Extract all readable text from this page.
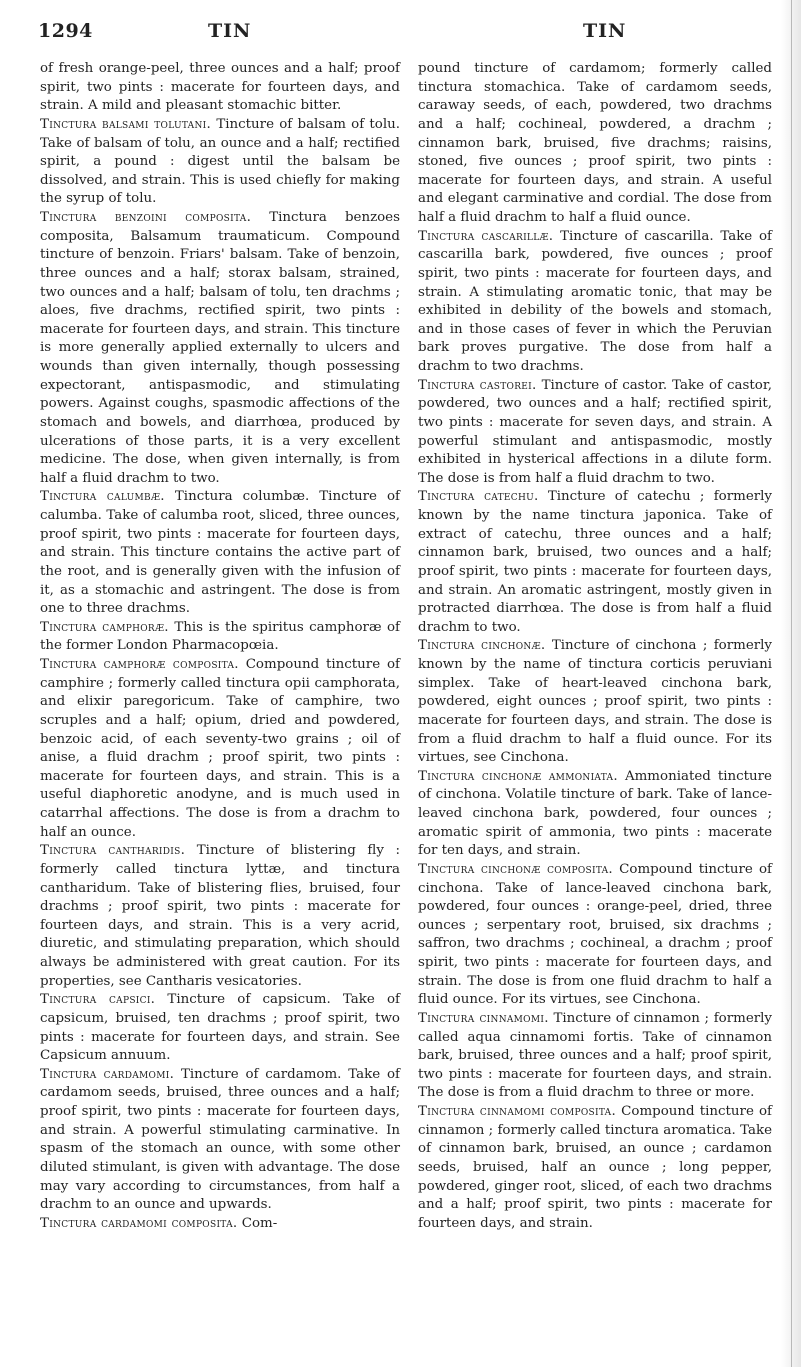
1294	TIN	TIN

of fresh orange-peel, three ounces and a half; proof spirit, two pints : macerate for fourteen days, and strain. A mild and pleasant stomachic bitter.

Tinctura balsami tolutani. Tincture of balsam of tolu. Take of balsam of tolu, an ounce and a half; rectified spirit, a pound : digest until the balsam be dissolved, and strain. This is used chiefly for making the syrup of tolu.

Tinctura benzoini composita. Tinctura benzoes composita, Balsamum traumaticum. Compound tincture of benzoin. Friars' balsam. Take of benzoin, three ounces and a half; storax balsam, strained, two ounces and a half; balsam of tolu, ten drachms ; aloes, five drachms, rectified spirit, two pints : macerate for fourteen days, and strain. This tincture is more generally applied externally to ulcers and wounds than given internally, though possessing expectorant, antispasmodic, and stimulating powers. Against coughs, spasmodic affections of the stomach and bowels, and diarrhœa, produced by ulcerations of those parts, it is a very excellent medicine. The dose, when given internally, is from half a fluid drachm to two.

Tinctura calumbæ. Tinctura columbæ. Tincture of calumba. Take of calumba root, sliced, three ounces, proof spirit, two pints : macerate for fourteen days, and strain. This tincture contains the active part of the root, and is generally given with the infusion of it, as a stomachic and astringent. The dose is from one to three drachms.

Tinctura camphoræ. This is the spiritus camphoræ of the former London Pharmacopœia.

Tinctura camphoræ composita. Compound tincture of camphire ; formerly called tinctura opii camphorata, and elixir paregoricum. Take of camphire, two scruples and a half; opium, dried and powdered, benzoic acid, of each seventy-two grains ; oil of anise, a fluid drachm ; proof spirit, two pints : macerate for fourteen days, and strain. This is a useful diaphoretic anodyne, and is much used in catarrhal affections. The dose is from a drachm to half an ounce.

Tinctura cantharidis. Tincture of blistering fly : formerly called tinctura lyttæ, and tinctura cantharidum. Take of blistering flies, bruised, four drachms ; proof spirit, two pints : macerate for fourteen days, and strain. This is a very acrid, diuretic, and stimulating preparation, which should always be administered with great caution. For its properties, see Cantharis vesicatories.

Tinctura capsici. Tincture of capsicum. Take of capsicum, bruised, ten drachms ; proof spirit, two pints : macerate for fourteen days, and strain. See Capsicum annuum.

Tinctura cardamomi. Tincture of cardamom. Take of cardamom seeds, bruised, three ounces and a half; proof spirit, two pints : macerate for fourteen days, and strain. A powerful stimulating carminative. In spasm of the stomach an ounce, with some other diluted stimulant, is given with advantage. The dose may vary according to circumstances, from half a drachm to an ounce and upwards.

Tinctura cardamomi composita. Com-

pound tincture of cardamom; formerly called tinctura stomachica. Take of cardamom seeds, caraway seeds, of each, powdered, two drachms and a half; cochineal, powdered, a drachm ; cinnamon bark, bruised, five drachms; raisins, stoned, five ounces ; proof spirit, two pints : macerate for fourteen days, and strain. A useful and elegant carminative and cordial. The dose from half a fluid drachm to half a fluid ounce.

Tinctura cascarillæ. Tincture of cascarilla. Take of cascarilla bark, powdered, five ounces ; proof spirit, two pints : macerate for fourteen days, and strain. A stimulating aromatic tonic, that may be exhibited in debility of the bowels and stomach, and in those cases of fever in which the Peruvian bark proves purgative. The dose from half a drachm to two drachms.

Tinctura castorei. Tincture of castor. Take of castor, powdered, two ounces and a half; rectified spirit, two pints : macerate for seven days, and strain. A powerful stimulant and antispasmodic, mostly exhibited in hysterical affections in a dilute form. The dose is from half a fluid drachm to two.

Tinctura catechu. Tincture of catechu ; formerly known by the name tinctura japonica. Take of extract of catechu, three ounces and a half; cinnamon bark, bruised, two ounces and a half; proof spirit, two pints : macerate for fourteen days, and strain. An aromatic astringent, mostly given in protracted diarrhœa. The dose is from half a fluid drachm to two.

Tinctura cinchonæ. Tincture of cinchona ; formerly known by the name of tinctura corticis peruviani simplex. Take of heart-leaved cinchona bark, powdered, eight ounces ; proof spirit, two pints : macerate for fourteen days, and strain. The dose is from a fluid drachm to half a fluid ounce. For its virtues, see Cinchona.

Tinctura cinchonæ ammoniata. Ammoniated tincture of cinchona. Volatile tincture of bark. Take of lance-leaved cinchona bark, powdered, four ounces ; aromatic spirit of ammonia, two pints : macerate for ten days, and strain.

Tinctura cinchonæ composita. Compound tincture of cinchona. Take of lance-leaved cinchona bark, powdered, four ounces : orange-peel, dried, three ounces ; serpentary root, bruised, six drachms ; saffron, two drachms ; cochineal, a drachm ; proof spirit, two pints : macerate for fourteen days, and strain. The dose is from one fluid drachm to half a fluid ounce. For its virtues, see Cinchona.

Tinctura cinnamomi. Tincture of cinnamon ; formerly called aqua cinnamomi fortis. Take of cinnamon bark, bruised, three ounces and a half; proof spirit, two pints : macerate for fourteen days, and strain. The dose is from a fluid drachm to three or more.

Tinctura cinnamomi composita. Compound tincture of cinnamon ; formerly called tinctura aromatica. Take of cinnamon bark, bruised, an ounce ; cardamon seeds, bruised, half an ounce ; long pepper, powdered, ginger root, sliced, of each two drachms and a half; proof spirit, two pints : macerate for fourteen days, and strain.
